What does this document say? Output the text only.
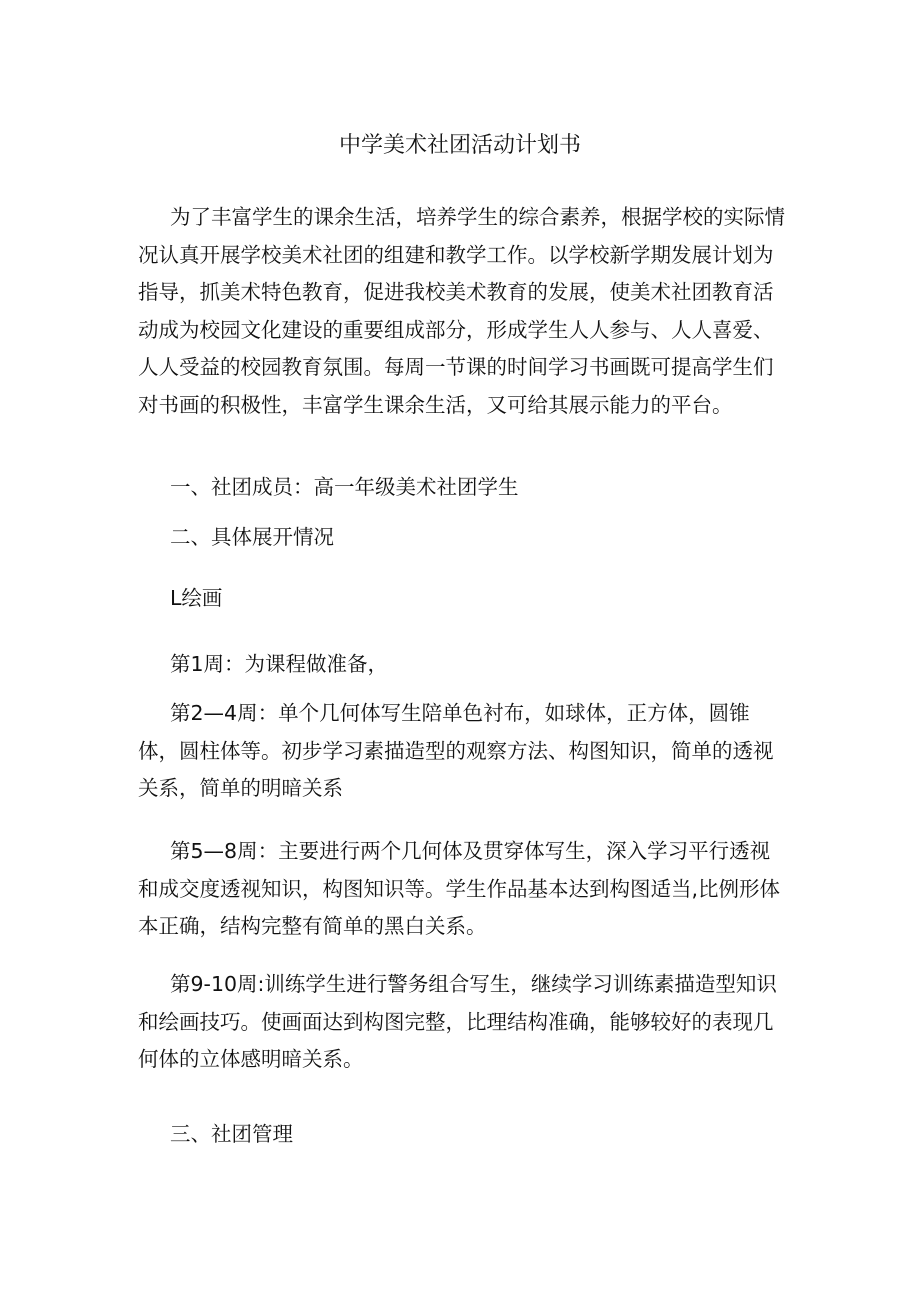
中学美术社团活动计划书

为了丰富学生的课余生活，培养学生的综合素养，根据学校的实际情况认真开展学校美术社团的组建和教学工作。以学校新学期发展计划为指导，抓美术特色教育，促进我校美术教育的发展，使美术社团教育活动成为校园文化建设的重要组成部分，形成学生人人参与、人人喜爱、人人受益的校园教育氛围。每周一节课的时间学习书画既可提高学生们对书画的积极性，丰富学生课余生活，又可给其展示能力的平台。

一、社团成员：高一年级美术社团学生

二、具体展开情况

L绘画

第1周：为课程做准备，

第2—4周：单个几何体写生陪单色衬布，如球体，正方体，圆锥体，圆柱体等。初步学习素描造型的观察方法、构图知识，简单的透视关系，简单的明暗关系

第5—8周：主要进行两个几何体及贯穿体写生，深入学习平行透视和成交度透视知识，构图知识等。学生作品基本达到构图适当,比例形体本正确，结构完整有简单的黑白关系。

第9-10周:训练学生进行警务组合写生，继续学习训练素描造型知识和绘画技巧。使画面达到构图完整，比理结构准确，能够较好的表现几何体的立体感明暗关系。

三、社团管理
